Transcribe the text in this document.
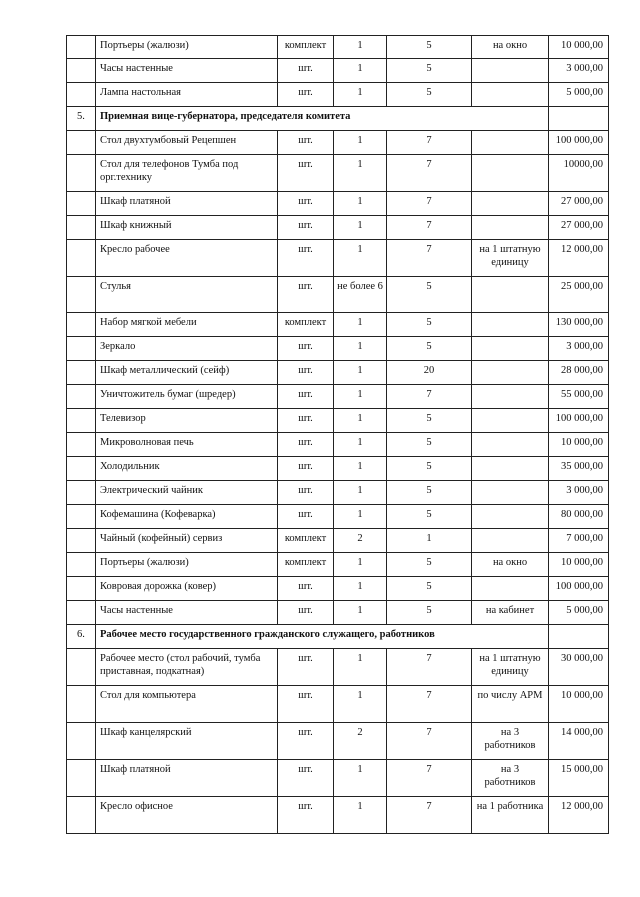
	Портьеры (жалюзи)	комплект	1	5	на окно	10 000,00
	Часы настенные	шт.	1	5		3 000,00
	Лампа настольная	шт.	1	5		5 000,00
5.	Приемная вице-губернатора, председателя комитета					
	Стол двухтумбовый Рецепшен	шт.	1	7		100 000,00
	Стол для телефонов Тумба под орг.технику	шт.	1	7		10000,00
	Шкаф платяной	шт.	1	7		27 000,00
	Шкаф книжный	шт.	1	7		27 000,00
	Кресло рабочее	шт.	1	7	на 1 штатную единицу	12 000,00
	Стулья	шт.	не более 6	5		25 000,00
	Набор мягкой мебели	комплект	1	5		130 000,00
	Зеркало	шт.	1	5		3 000,00
	Шкаф металлический (сейф)	шт.	1	20		28 000,00
	Уничтожитель бумаг (шредер)	шт.	1	7		55 000,00
	Телевизор	шт.	1	5		100 000,00
	Микроволновая печь	шт.	1	5		10 000,00
	Холодильник	шт.	1	5		35 000,00
	Электрический чайник	шт.	1	5		3 000,00
	Кофемашина (Кофеварка)	шт.	1	5		80 000,00
	Чайный (кофейный) сервиз	комплект	2	1		7 000,00
	Портьеры (жалюзи)	комплект	1	5	на окно	10 000,00
	Ковровая дорожка (ковер)	шт.	1	5		100 000,00
	Часы настенные	шт.	1	5	на кабинет	5 000,00
6.	Рабочее место государственного гражданского служащего, работников					
	Рабочее место (стол рабочий, тумба приставная, подкатная)	шт.	1	7	на 1 штатную единицу	30 000,00
	Стол для компьютера	шт.	1	7	по числу АРМ	10 000,00
	Шкаф канцелярский	шт.	2	7	на 3 работников	14 000,00
	Шкаф платяной	шт.	1	7	на 3 работников	15 000,00
	Кресло офисное	шт.	1	7	на 1 работника	12 000,00
